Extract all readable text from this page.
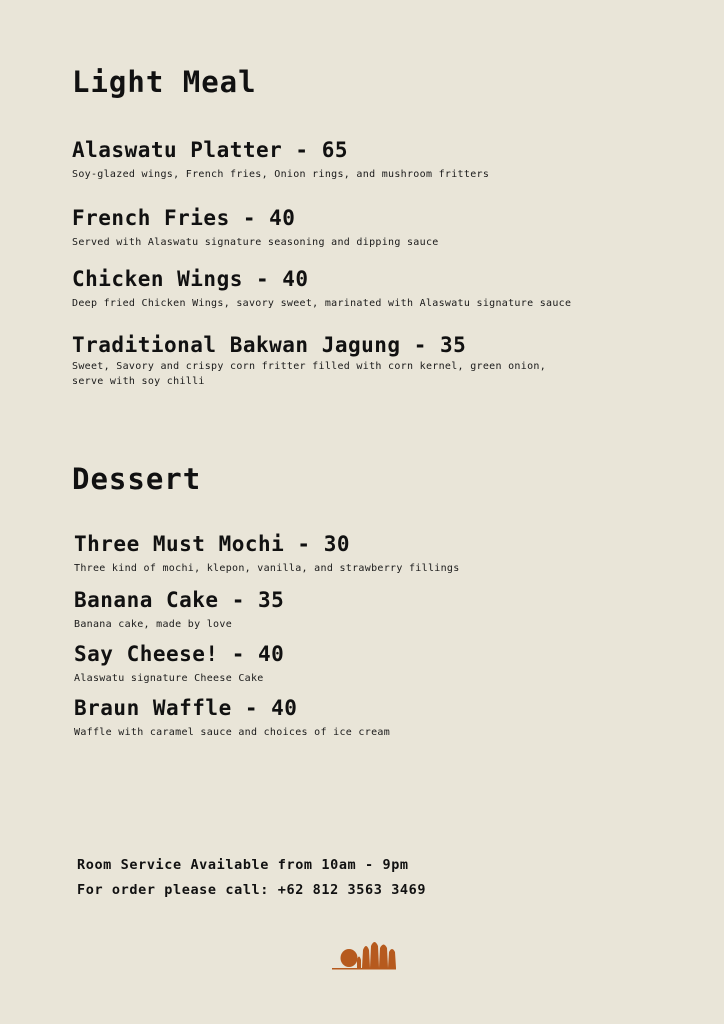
Light Meal
Alaswatu Platter - 65
Soy-glazed wings, French fries, Onion rings, and mushroom fritters
French Fries - 40
Served with Alaswatu signature seasoning and dipping sauce
Chicken Wings - 40
Deep fried Chicken Wings, savory sweet, marinated with Alaswatu signature sauce
Traditional Bakwan Jagung - 35
Sweet, Savory and crispy corn fritter filled with corn kernel, green onion, serve with soy chilli
Dessert
Three Must Mochi - 30
Three kind of mochi, klepon, vanilla, and strawberry fillings
Banana Cake - 35
Banana cake, made by love
Say Cheese! - 40
Alaswatu signature Cheese Cake
Braun Waffle - 40
Waffle with caramel sauce and choices of ice cream
Room Service Available from 10am - 9pm
For order please call: +62 812 3563 3469
